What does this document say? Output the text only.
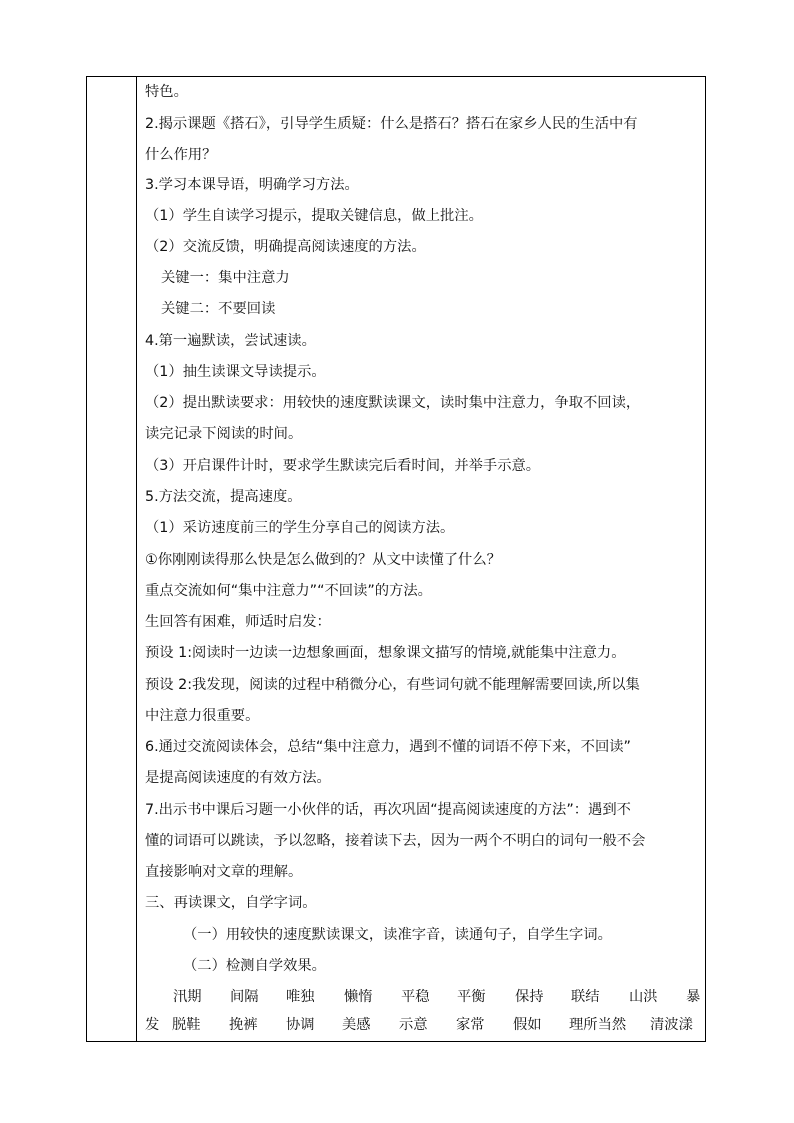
特色。
2.揭示课题《搭石》，引导学生质疑：什么是搭石？搭石在家乡人民的生活中有
什么作用？
3.学习本课导语，明确学习方法。
（1）学生自读学习提示，提取关键信息，做上批注。
（2）交流反馈，明确提高阅读速度的方法。
关键一：集中注意力
关键二：不要回读
4.第一遍默读，尝试速读。
（1）抽生读课文导读提示。
（2）提出默读要求：用较快的速度默读课文，读时集中注意力，争取不回读，
读完记录下阅读的时间。
（3）开启课件计时，要求学生默读完后看时间，并举手示意。
5.方法交流，提高速度。
（1）采访速度前三的学生分享自己的阅读方法。
①你刚刚读得那么快是怎么做到的？从文中读懂了什么？
重点交流如何“集中注意力”“不回读”的方法。
生回答有困难，师适时启发：
预设 1:阅读时一边读一边想象画面，想象课文描写的情境,就能集中注意力。
预设 2:我发现，阅读的过程中稍微分心，有些词句就不能理解需要回读,所以集
中注意力很重要。
6.通过交流阅读体会，总结“集中注意力，遇到不懂的词语不停下来，不回读”
是提高阅读速度的有效方法。
7.出示书中课后习题一小伙伴的话，再次巩固“提高阅读速度的方法”：遇到不
懂的词语可以跳读，予以忽略，接着读下去，因为一两个不明白的词句一般不会
直接影响对文章的理解。
三、再读课文，自学字词。
（一）用较快的速度默读课文，读准字音，读通句子，自学生字词。
（二）检测自学效果。
汛期 间隔 唯独 懒惰 平稳 平衡 保持 联结 山洪 暴
发 脱鞋 挽裤 协调 美感 示意 家常 假如 理所当然 清波漾
